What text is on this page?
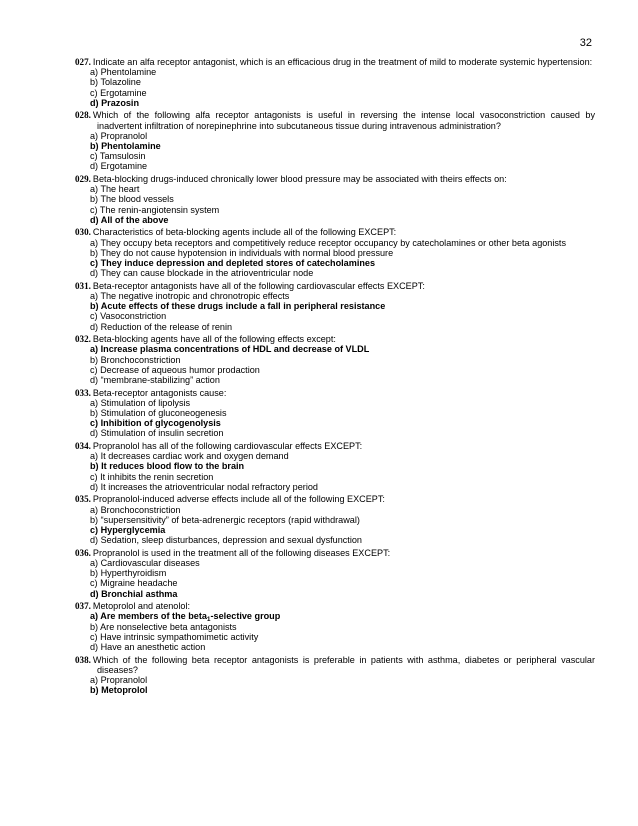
32
027. Indicate an alfa receptor antagonist, which is an efficacious drug in the treatment of mild to moderate systemic hypertension:
a) Phentolamine
b) Tolazoline
c) Ergotamine
d) Prazosin
028. Which of the following alfa receptor antagonists is useful in reversing the intense local vasoconstriction caused by inadvertent infiltration of norepinephrine into subcutaneous tissue during intravenous administration?
a) Propranolol
b) Phentolamine
c) Tamsulosin
d) Ergotamine
029. Beta-blocking drugs-induced chronically lower blood pressure may be associated with theirs effects on:
a) The heart
b) The blood vessels
c) The renin-angiotensin system
d) All of the above
030. Characteristics of beta-blocking agents include all of the following EXCEPT:
a) They occupy beta receptors and competitively reduce receptor occupancy by catecholamines or other beta agonists
b) They do not cause hypotension in individuals with normal blood pressure
c) They induce depression and depleted stores of catecholamines
d) They can cause blockade in the atrioventricular node
031. Beta-receptor antagonists have all of the following cardiovascular effects EXCEPT:
a) The negative inotropic and chronotropic effects
b) Acute effects of these drugs include a fall in peripheral resistance
c) Vasoconstriction
d) Reduction of the release of renin
032. Beta-blocking agents have all of the following effects except:
a) Increase plasma concentrations of HDL and decrease of VLDL
b) Bronchoconstriction
c) Decrease of aqueous humor prodaction
d) “membrane-stabilizing” action
033. Beta-receptor antagonists cause:
a) Stimulation of lipolysis
b) Stimulation of gluconeogenesis
c) Inhibition of glycogenolysis
d) Stimulation of insulin secretion
034. Propranolol has all of the following cardiovascular effects EXCEPT:
a) It decreases cardiac work and oxygen demand
b) It reduces blood flow to the brain
c) It inhibits the renin secretion
d) It increases the atrioventricular nodal refractory period
035. Propranolol-induced adverse effects include all of the following EXCEPT:
a) Bronchoconstriction
b) “supersensitivity” of beta-adrenergic receptors (rapid withdrawal)
c) Hyperglycemia
d) Sedation, sleep disturbances, depression and sexual dysfunction
036. Propranolol is used in the treatment all of the following diseases EXCEPT:
a) Cardiovascular diseases
b) Hyperthyroidism
c) Migraine headache
d) Bronchial asthma
037. Metoprolol and atenolol:
a) Are members of the beta$_1$-selective group
b) Are nonselective beta antagonists
c) Have intrinsic sympathomimetic activity
d) Have an anesthetic action
038. Which of the following beta receptor antagonists is preferable in patients with asthma, diabetes or peripheral vascular diseases?
a) Propranolol
b) Metoprolol
